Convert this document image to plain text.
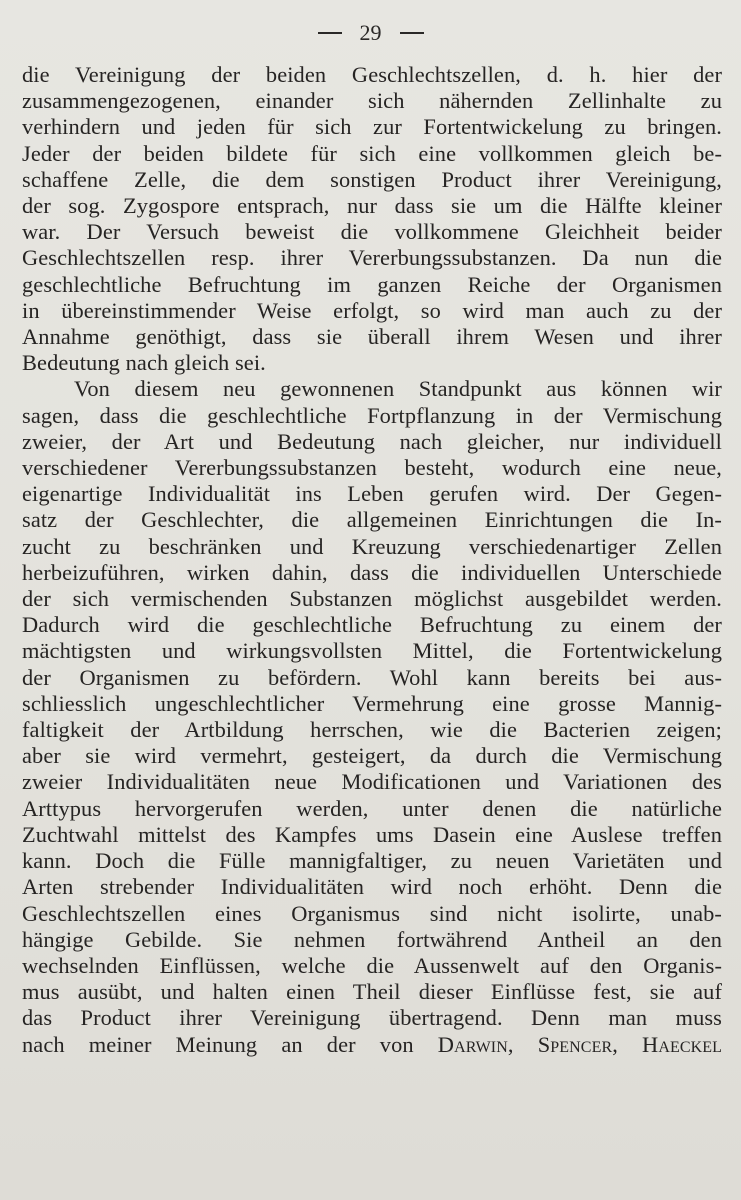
29
die Vereinigung der beiden Geschlechtszellen, d. h. hier der
zusammengezogenen, einander sich nähernden Zellinhalte zu
verhindern und jeden für sich zur Fortentwickelung zu bringen.
Jeder der beiden bildete für sich eine vollkommen gleich be-
schaffene Zelle, die dem sonstigen Product ihrer Vereinigung,
der sog. Zygospore entsprach, nur dass sie um die Hälfte kleiner
war. Der Versuch beweist die vollkommene Gleichheit beider
Geschlechtszellen resp. ihrer Vererbungssubstanzen. Da nun die
geschlechtliche Befruchtung im ganzen Reiche der Organismen
in übereinstimmender Weise erfolgt, so wird man auch zu der
Annahme genöthigt, dass sie überall ihrem Wesen und ihrer
Bedeutung nach gleich sei.
Von diesem neu gewonnenen Standpunkt aus können wir
sagen, dass die geschlechtliche Fortpflanzung in der Vermischung
zweier, der Art und Bedeutung nach gleicher, nur individuell
verschiedener Vererbungssubstanzen besteht, wodurch eine neue,
eigenartige Individualität ins Leben gerufen wird. Der Gegen-
satz der Geschlechter, die allgemeinen Einrichtungen die In-
zucht zu beschränken und Kreuzung verschiedenartiger Zellen
herbeizuführen, wirken dahin, dass die individuellen Unterschiede
der sich vermischenden Substanzen möglichst ausgebildet werden.
Dadurch wird die geschlechtliche Befruchtung zu einem der
mächtigsten und wirkungsvollsten Mittel, die Fortentwickelung
der Organismen zu befördern. Wohl kann bereits bei aus-
schliesslich ungeschlechtlicher Vermehrung eine grosse Mannig-
faltigkeit der Artbildung herrschen, wie die Bacterien zeigen;
aber sie wird vermehrt, gesteigert, da durch die Vermischung
zweier Individualitäten neue Modificationen und Variationen des
Arttypus hervorgerufen werden, unter denen die natürliche
Zuchtwahl mittelst des Kampfes ums Dasein eine Auslese treffen
kann. Doch die Fülle mannigfaltiger, zu neuen Varietäten und
Arten strebender Individualitäten wird noch erhöht. Denn die
Geschlechtszellen eines Organismus sind nicht isolirte, unab-
hängige Gebilde. Sie nehmen fortwährend Antheil an den
wechselnden Einflüssen, welche die Aussenwelt auf den Organis-
mus ausübt, und halten einen Theil dieser Einflüsse fest, sie auf
das Product ihrer Vereinigung übertragend. Denn man muss
nach meiner Meinung an der von Darwin, Spencer, Haeckel
